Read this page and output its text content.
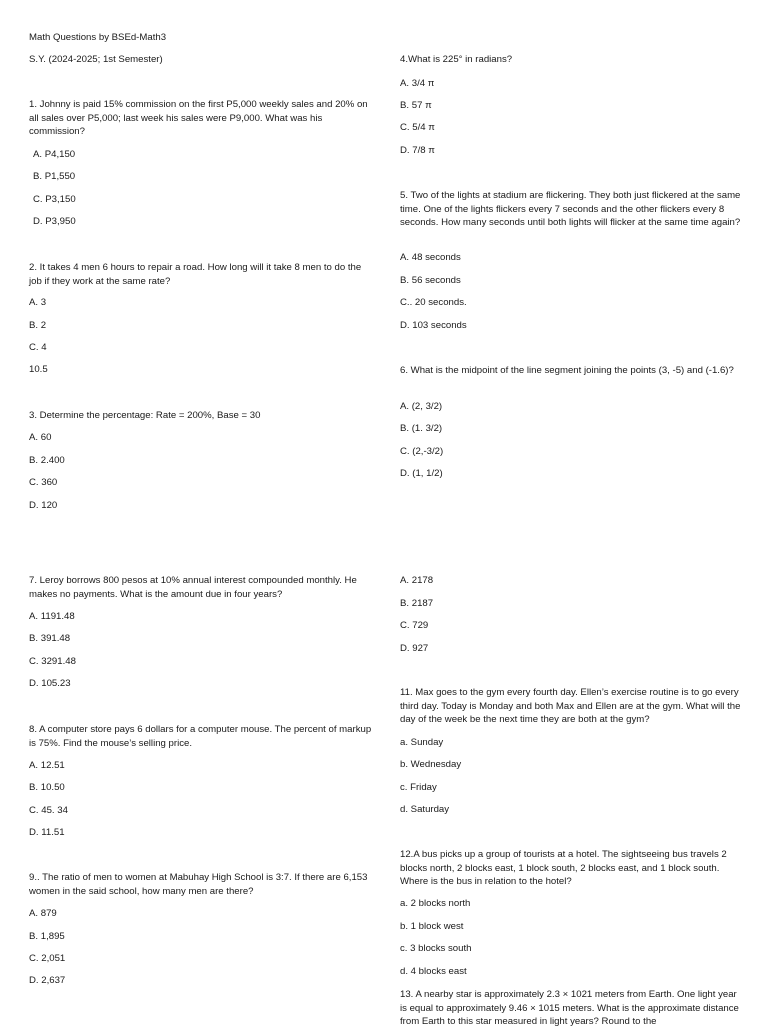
Math Questions by BSEd-Math3

S.Y. (2024-2025; 1st Semester)

1. Johnny is paid 15% commission on the first P5,000 weekly sales and 20% on all sales over P5,000; last week his sales were P9,000. What was his commission?

A. P4,150

B. P1,550

C. P3,150

D. P3,950

2. It takes 4 men 6 hours to repair a road. How long will it take 8 men to do the job if they work at the same rate?

A. 3

B. 2

C. 4

10.5

3. Determine the percentage: Rate = 200%, Base = 30

A. 60

B. 2.400

C. 360

D. 120

4.What is 225° in radians?

A. 3/4 π

B. 57 π

C. 5/4 π

D. 7/8 π

5. Two of the lights at stadium are flickering. They both just flickered at the same time. One of the lights flickers every 7 seconds and the other flickers every 8 seconds. How many seconds until both lights will flicker at the same time again?

A. 48 seconds

B. 56 seconds

C.. 20 seconds.

D. 103 seconds

6. What is the midpoint of the line segment joining the points (3, -5) and (-1.6)?

A. (2, 3/2)

B. (1. 3/2)

C. (2,-3/2)

D. (1, 1/2)

7. Leroy borrows 800 pesos at 10% annual interest compounded monthly. He makes no payments. What is the amount due in four years?

A. 1191.48

B. 391.48

C. 3291.48

D. 105.23

8. A computer store pays 6 dollars for a computer mouse. The percent of markup is 75%. Find the mouse’s selling price.

A. 12.51

B. 10.50

C. 45. 34

D. 11.51

9.. The ratio of men to women at Mabuhay High School is 3:7. If there are 6,153 women in the said school, how many men are there?

A. 879

B. 1,895

C. 2,051

D. 2,637

A. 2178

B. 2187

C. 729

D. 927

11. Max goes to the gym every fourth day. Ellen’s exercise routine is to go every third day. Today is Monday and both Max and Ellen are at the gym. What will the day of the week be the next time they are both at the gym?

a. Sunday

b. Wednesday

c. Friday

d. Saturday

12.A bus picks up a group of tourists at a hotel. The sightseeing bus travels 2 blocks north, 2 blocks east, 1 block south, 2 blocks east, and 1 block south. Where is the bus in relation to the hotel?

a. 2 blocks north

b. 1 block west

c. 3 blocks south

d. 4 blocks east

13. A nearby star is approximately 2.3 × 1021 meters from Earth. One light year is equal to approximately 9.46 × 1015 meters. What is the approximate distance from Earth to this star measured in light years? Round to the
